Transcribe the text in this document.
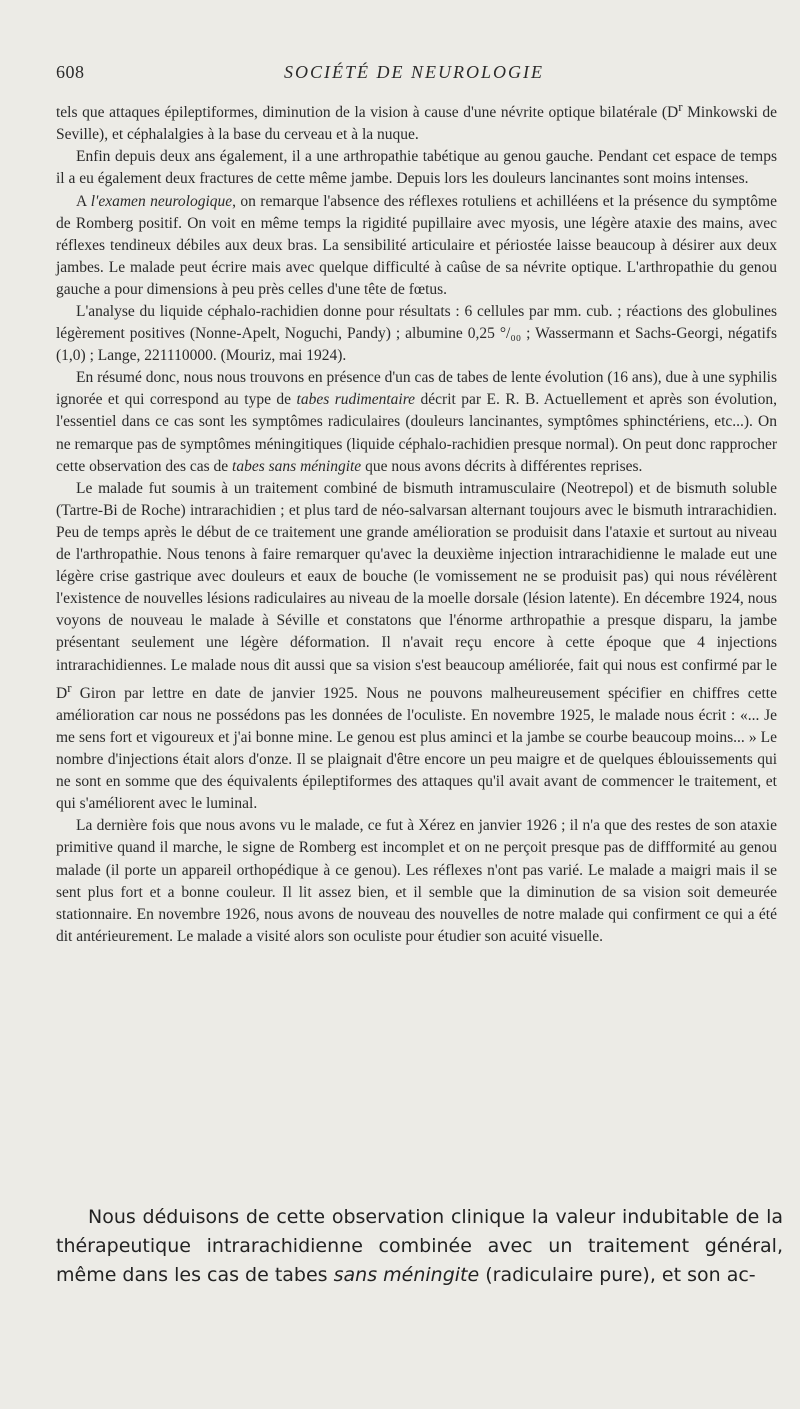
608	SOCIÉTÉ DE NEUROLOGIE

tels que attaques épileptiformes, diminution de la vision à cause d'une névrite optique bilatérale ($D^r$ Minkowski de Seville), et céphalalgies à la base du cerveau et à la nuque.

Enfin depuis deux ans également, il a une arthropathie tabétique au genou gauche. Pendant cet espace de temps il a eu également deux fractures de cette même jambe. Depuis lors les douleurs lancinantes sont moins intenses.

A l'examen neurologique, on remarque l'absence des réflexes rotuliens et achilléens et la présence du symptôme de Romberg positif. On voit en même temps la rigidité pupillaire avec myosis, une légère ataxie des mains, avec réflexes tendineux débiles aux deux bras. La sensibilité articulaire et périostée laisse beaucoup à désirer aux deux jambes. Le malade peut écrire mais avec quelque difficulté à caûse de sa névrite optique. L'arthropathie du genou gauche a pour dimensions à peu près celles d'une tête de fœtus.

L'analyse du liquide céphalo-rachidien donne pour résultats : 6 cellules par mm. cub. ; réactions des globulines légèrement positives (Nonne-Apelt, Noguchi, Pandy) ; albumine 0,25 °/₀₀ ; Wassermann et Sachs-Georgi, négatifs (1,0) ; Lange, 221110000. (Mouriz, mai 1924).

En résumé donc, nous nous trouvons en présence d'un cas de tabes de lente évolution (16 ans), due à une syphilis ignorée et qui correspond au type de tabes rudimentaire décrit par E. R. B. Actuellement et après son évolution, l'essentiel dans ce cas sont les symptômes radiculaires (douleurs lancinantes, symptômes sphinctériens, etc...). On ne remarque pas de symptômes méningitiques (liquide céphalo-rachidien presque normal). On peut donc rapprocher cette observation des cas de tabes sans méningite que nous avons décrits à différentes reprises.

Le malade fut soumis à un traitement combiné de bismuth intramusculaire (Neotrepol) et de bismuth soluble (Tartre-Bi de Roche) intrarachidien ; et plus tard de néo-salvarsan alternant toujours avec le bismuth intrarachidien. Peu de temps après le début de ce traitement une grande amélioration se produisit dans l'ataxie et surtout au niveau de l'arthropathie. Nous tenons à faire remarquer qu'avec la deuxième injection intrarachidienne le malade eut une légère crise gastrique avec douleurs et eaux de bouche (le vomissement ne se produisit pas) qui nous révélèrent l'existence de nouvelles lésions radiculaires au niveau de la moelle dorsale (lésion latente). En décembre 1924, nous voyons de nouveau le malade à Séville et constatons que l'énorme arthropathie a presque disparu, la jambe présentant seulement une légère déformation. Il n'avait reçu encore à cette époque que 4 injections intrarachidiennes. Le malade nous dit aussi que sa vision s'est beaucoup améliorée, fait qui nous est confirmé par le $D^r$ Giron par lettre en date de janvier 1925. Nous ne pouvons malheureusement spécifier en chiffres cette amélioration car nous ne possédons pas les données de l'oculiste. En novembre 1925, le malade nous écrit : «... Je me sens fort et vigoureux et j'ai bonne mine. Le genou est plus aminci et la jambe se courbe beaucoup moins... » Le nombre d'injections était alors d'onze. Il se plaignait d'être encore un peu maigre et de quelques éblouissements qui ne sont en somme que des équivalents épileptiformes des attaques qu'il avait avant de commencer le traitement, et qui s'améliorent avec le luminal.

La dernière fois que nous avons vu le malade, ce fut à Xérez en janvier 1926 ; il n'a que des restes de son ataxie primitive quand il marche, le signe de Romberg est incomplet et on ne perçoit presque pas de diffformité au genou malade (il porte un appareil orthopédique à ce genou). Les réflexes n'ont pas varié. Le malade a maigri mais il se sent plus fort et a bonne couleur. Il lit assez bien, et il semble que la diminution de sa vision soit demeurée stationnaire. En novembre 1926, nous avons de nouveau des nouvelles de notre malade qui confirment ce qui a été dit antérieurement. Le malade a visité alors son oculiste pour étudier son acuité visuelle.

Nous déduisons de cette observation clinique la valeur indubitable de la thérapeutique intrarachidienne combinée avec un traitement général, même dans les cas de tabes sans méningite (radiculaire pure), et son ac-
